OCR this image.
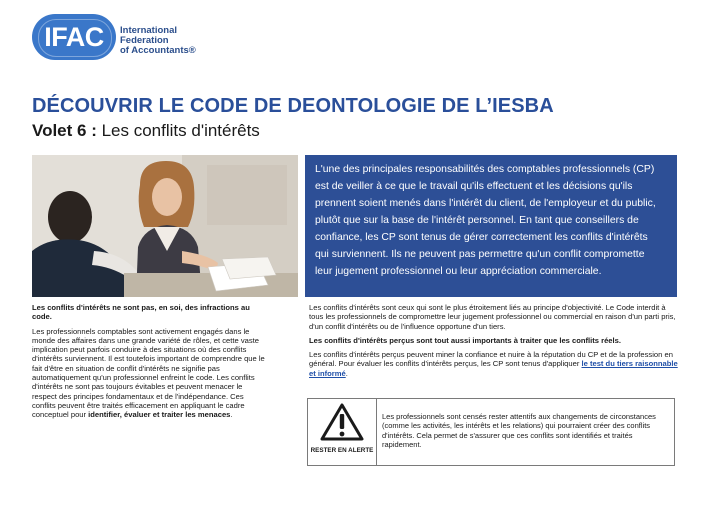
IFAC	International
Federation
of Accountants®
DÉCOUVRIR LE CODE DE DEONTOLOGIE DE L’IESBA
Volet 6 : Les conflits d'intérêts
L'une des principales responsabilités des comptables professionnels (CP) est de veiller à ce que le travail qu'ils effectuent et les décisions qu'ils prennent soient menés dans l'intérêt du client, de l'employeur et du public, plutôt que sur la base de l'intérêt personnel. En tant que conseillers de confiance, les CP sont tenus de gérer correctement les conflits d'intérêts qui surviennent. Ils ne peuvent pas permettre qu'un conflit compromette leur jugement professionnel ou leur appréciation commerciale.

Les conflits d'intérêts ne sont pas, en soi, des infractions au code.

Les professionnels comptables sont activement engagés dans le monde des affaires dans une grande variété de rôles, et cette vaste implication peut parfois conduire à des situations où des conflits d'intérêts surviennent. Il est toutefois important de comprendre que le fait d'être en situation de conflit d'intérêts ne signifie pas automatiquement qu'un professionnel enfreint le code. Les conflits d'intérêts ne sont pas toujours évitables et peuvent menacer le respect des principes fondamentaux et de l'indépendance. Ces conflits peuvent être traités efficacement en appliquant le cadre conceptuel pour identifier, évaluer et traiter les menaces.

Les conflits d'intérêts sont ceux qui sont le plus étroitement liés au principe d'objectivité. Le Code interdit à tous les professionnels de compromettre leur jugement professionnel ou commercial en raison d'un parti pris, d'un conflit d'intérêts ou de l'influence opportune d'un tiers.

Les conflits d'intérêts perçus sont tout aussi importants à traiter que les conflits réels.

Les conflits d'intérêts perçus peuvent miner la confiance et nuire à la réputation du CP et de la profession en général. Pour évaluer les conflits d'intérêts perçus, les CP sont tenus d'appliquer le test du tiers raisonnable et informé.

RESTER EN ALERTE
Les professionnels sont censés rester attentifs aux changements de circonstances (comme les activités, les intérêts et les relations) qui pourraient créer des conflits d'intérêts. Cela permet de s'assurer que ces conflits sont identifiés et traités rapidement.
